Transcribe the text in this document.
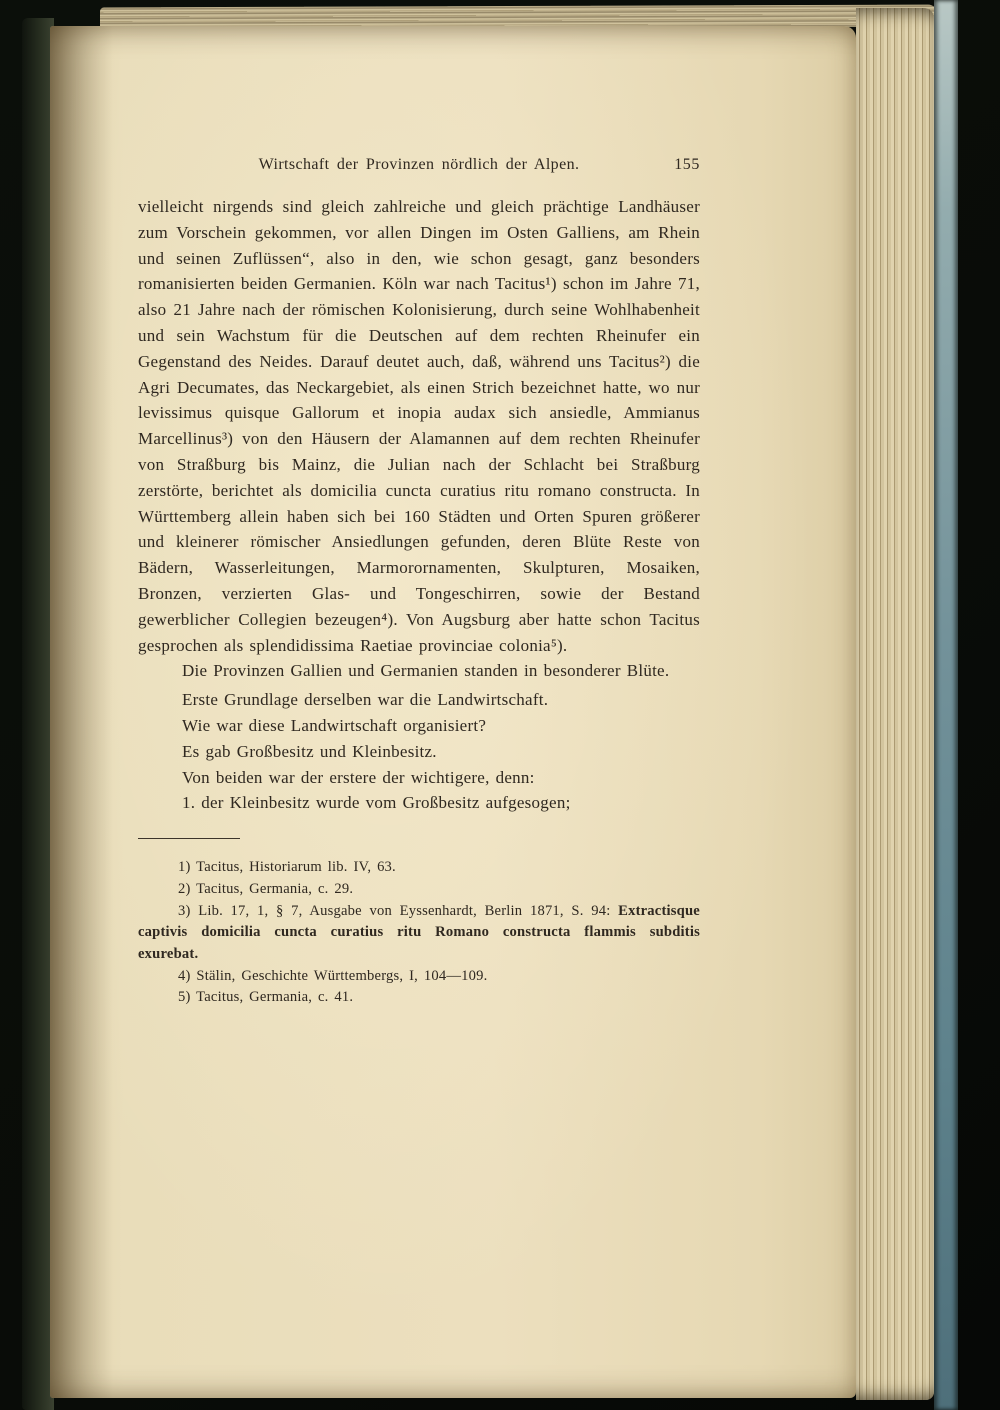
Wirtschaft der Provinzen nördlich der Alpen.	155

vielleicht nirgends sind gleich zahlreiche und gleich prächtige Landhäuser zum Vorschein gekommen, vor allen Dingen im Osten Galliens, am Rhein und seinen Zuflüssen“, also in den, wie schon gesagt, ganz besonders romanisierten beiden Germanien. Köln war nach Tacitus¹) schon im Jahre 71, also 21 Jahre nach der römischen Kolonisierung, durch seine Wohlhabenheit und sein Wachstum für die Deutschen auf dem rechten Rheinufer ein Gegenstand des Neides. Darauf deutet auch, daß, während uns Tacitus²) die Agri Decumates, das Neckargebiet, als einen Strich bezeichnet hatte, wo nur levissimus quisque Gallorum et inopia audax sich ansiedle, Ammianus Marcellinus³) von den Häusern der Alamannen auf dem rechten Rheinufer von Straßburg bis Mainz, die Julian nach der Schlacht bei Straßburg zerstörte, berichtet als domicilia cuncta curatius ritu romano constructa. In Württemberg allein haben sich bei 160 Städten und Orten Spuren größerer und kleinerer römischer Ansiedlungen gefunden, deren Blüte Reste von Bädern, Wasserleitungen, Marmorornamenten, Skulpturen, Mosaiken, Bronzen, verzierten Glas- und Tongeschirren, sowie der Bestand gewerblicher Collegien bezeugen⁴). Von Augsburg aber hatte schon Tacitus gesprochen als splendidissima Raetiae provinciae colonia⁵).

Die Provinzen Gallien und Germanien standen in besonderer Blüte.

Erste Grundlage derselben war die Landwirtschaft.

Wie war diese Landwirtschaft organisiert?

Es gab Großbesitz und Kleinbesitz.

Von beiden war der erstere der wichtigere, denn:

1. der Kleinbesitz wurde vom Großbesitz aufgesogen;

1) Tacitus, Historiarum lib. IV, 63.

2) Tacitus, Germania, c. 29.

3) Lib. 17, 1, § 7, Ausgabe von Eyssenhardt, Berlin 1871, S. 94: Extractisque captivis domicilia cuncta curatius ritu Romano constructa flammis subditis exurebat.

4) Stälin, Geschichte Württembergs, I, 104—109.

5) Tacitus, Germania, c. 41.
